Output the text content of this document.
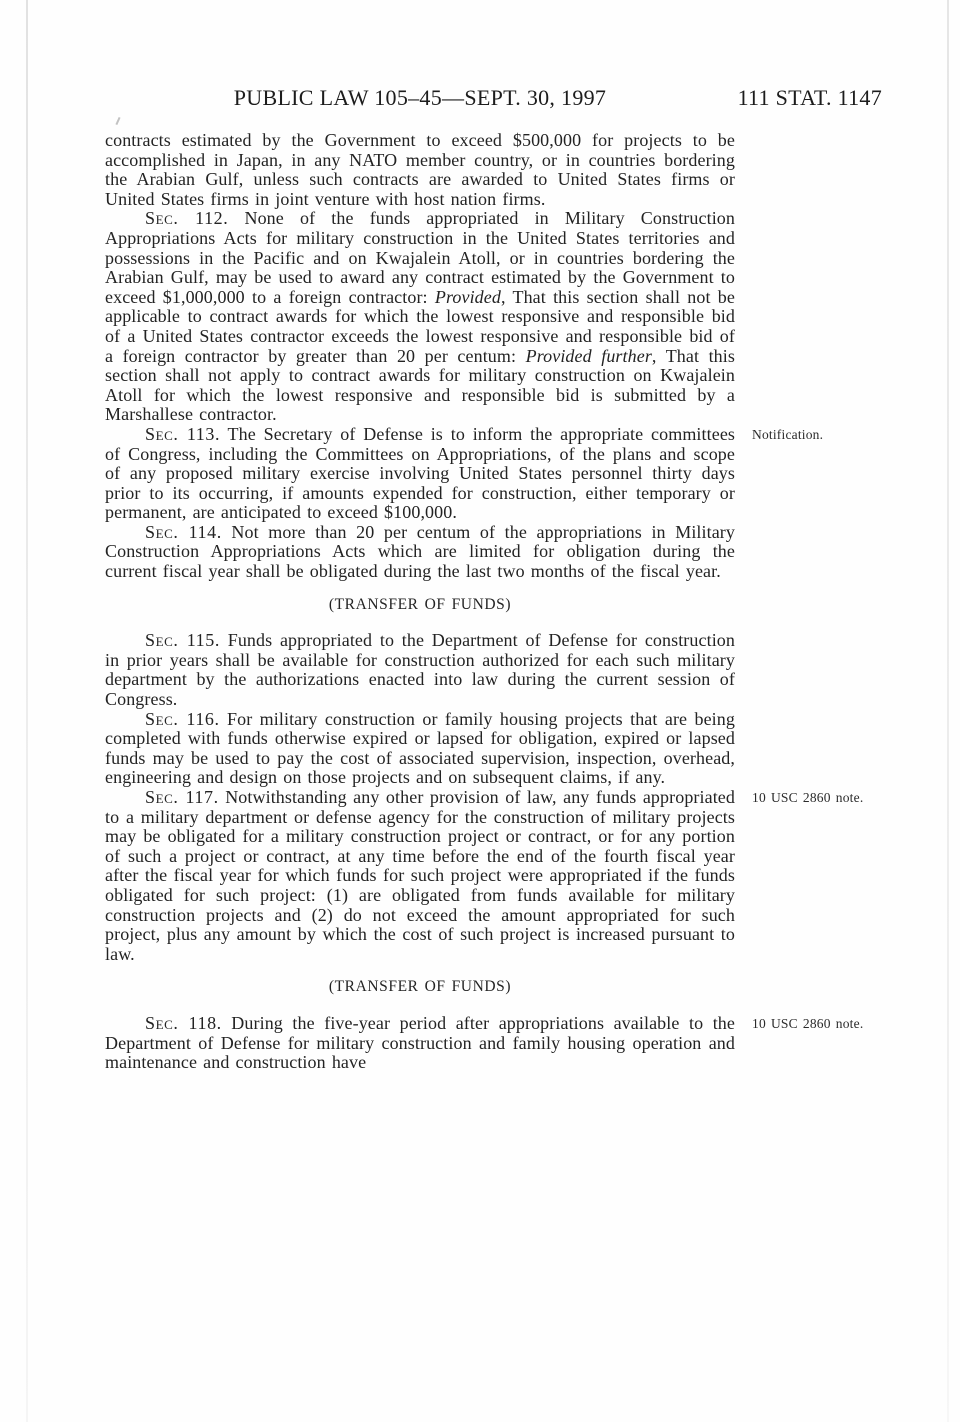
PUBLIC LAW 105–45—SEPT. 30, 1997	111 STAT. 1147

contracts estimated by the Government to exceed $500,000 for projects to be accomplished in Japan, in any NATO member country, or in countries bordering the Arabian Gulf, unless such contracts are awarded to United States firms or United States firms in joint venture with host nation firms.

Sec. 112. None of the funds appropriated in Military Construction Appropriations Acts for military construction in the United States territories and possessions in the Pacific and on Kwajalein Atoll, or in countries bordering the Arabian Gulf, may be used to award any contract estimated by the Government to exceed $1,000,000 to a foreign contractor: Provided, That this section shall not be applicable to contract awards for which the lowest responsive and responsible bid of a United States contractor exceeds the lowest responsive and responsible bid of a foreign contractor by greater than 20 per centum: Provided further, That this section shall not apply to contract awards for military construction on Kwajalein Atoll for which the lowest responsive and responsible bid is submitted by a Marshallese contractor.

Sec. 113. The Secretary of Defense is to inform the appropriate committees of Congress, including the Committees on Appropriations, of the plans and scope of any proposed military exercise involving United States personnel thirty days prior to its occurring, if amounts expended for construction, either temporary or permanent, are anticipated to exceed $100,000.

Notification.

Sec. 114. Not more than 20 per centum of the appropriations in Military Construction Appropriations Acts which are limited for obligation during the current fiscal year shall be obligated during the last two months of the fiscal year.

(TRANSFER OF FUNDS)

Sec. 115. Funds appropriated to the Department of Defense for construction in prior years shall be available for construction authorized for each such military department by the authorizations enacted into law during the current session of Congress.

Sec. 116. For military construction or family housing projects that are being completed with funds otherwise expired or lapsed for obligation, expired or lapsed funds may be used to pay the cost of associated supervision, inspection, overhead, engineering and design on those projects and on subsequent claims, if any.

Sec. 117. Notwithstanding any other provision of law, any funds appropriated to a military department or defense agency for the construction of military projects may be obligated for a military construction project or contract, or for any portion of such a project or contract, at any time before the end of the fourth fiscal year after the fiscal year for which funds for such project were appropriated if the funds obligated for such project: (1) are obligated from funds available for military construction projects and (2) do not exceed the amount appropriated for such project, plus any amount by which the cost of such project is increased pursuant to law.

10 USC 2860 note.
(TRANSFER OF FUNDS)

Sec. 118. During the five-year period after appropriations available to the Department of Defense for military construction and family housing operation and maintenance and construction have

10 USC 2860 note.
